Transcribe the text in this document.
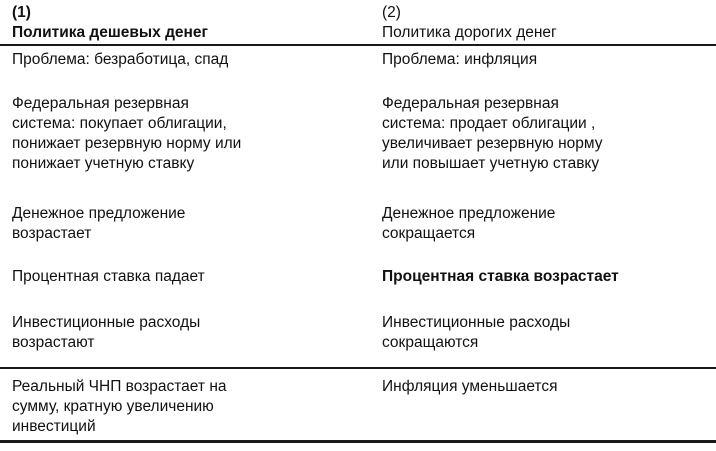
(1)

Политика дешевых денег

Проблема: безработица, спад

Федеральная резервная
система: покупает облигации,
понижает резервную норму или
понижает учетную ставку

Денежное предложение
возрастает

Процентная ставка падает

Инвестиционные расходы
возрастают

Реальный ЧНП возрастает на
сумму, кратную увеличению
инвестиций

(2)

Политика дорогих денег

Проблема: инфляция

Федеральная резервная
система: продает облигации ,
увеличивает резервную норму
или повышает учетную ставку

Денежное предложение
сокращается

Процентная ставка возрастает

Инвестиционные расходы
сокращаются

Инфляция уменьшается
